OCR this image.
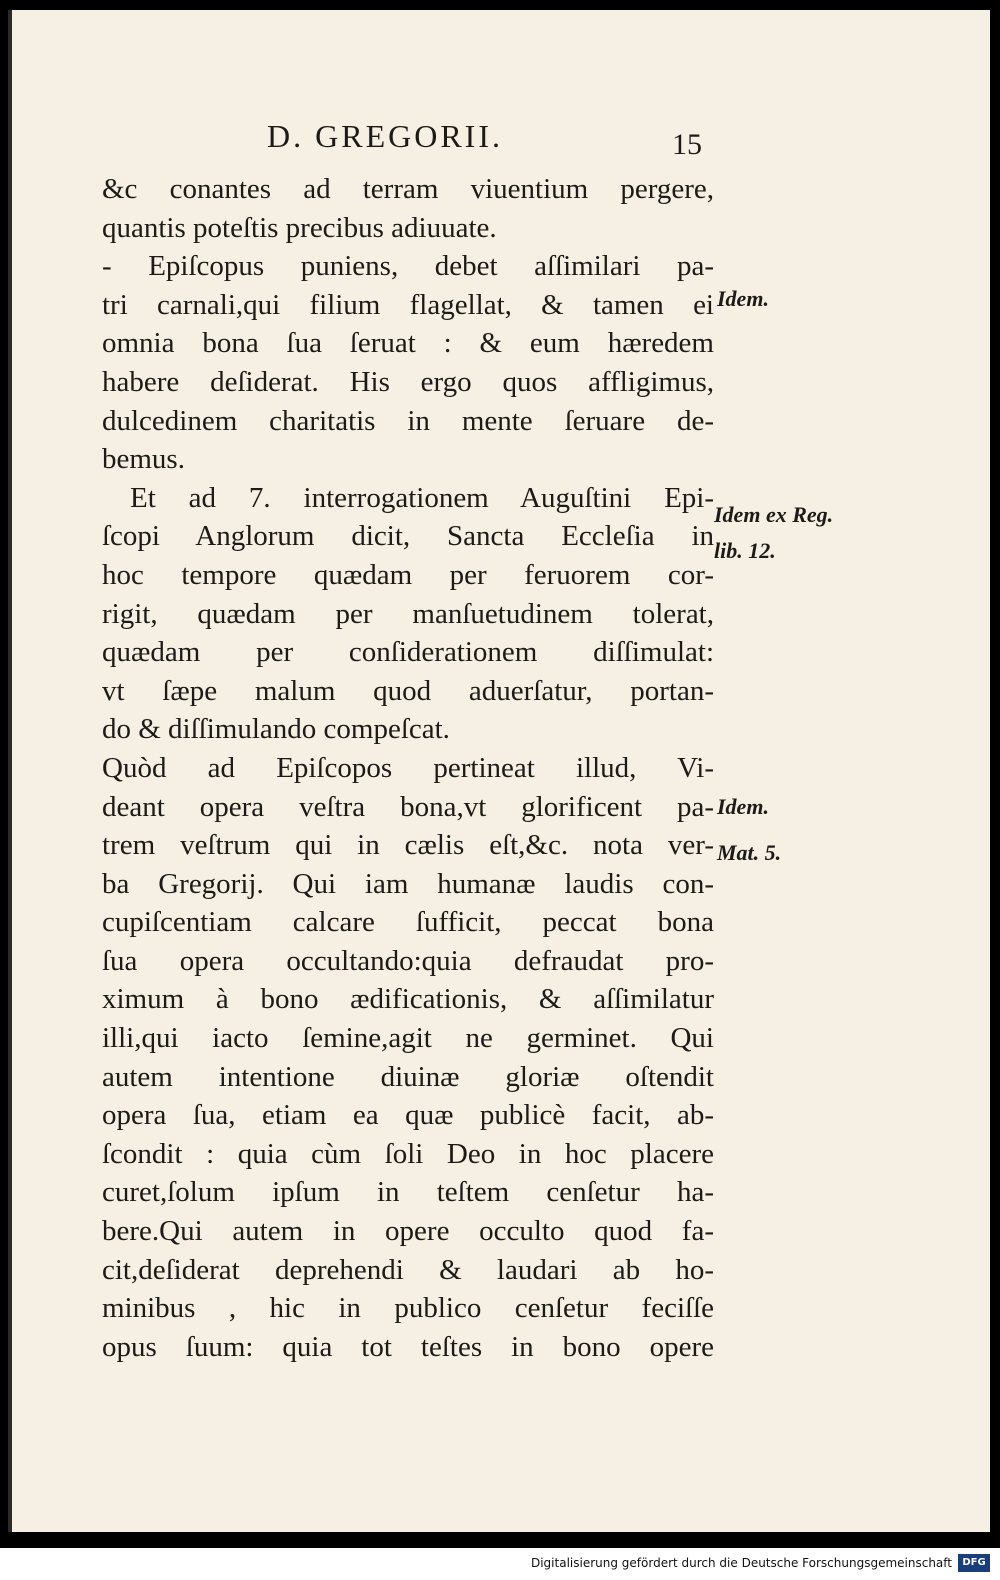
D. GREGORII.	15
&c conantes ad terram viuentium pergere,
quantis poteſtis precibus adiuuate.
- Epiſcopus puniens, debet aſſimilari pa-
tri carnali,qui filium flagellat, & tamen ei
omnia bona ſua ſeruat : & eum hæredem
habere deſiderat. His ergo quos affligimus,
dulcedinem charitatis in mente ſeruare de-
bemus.
Et ad 7. interrogationem Auguſtini Epi-
ſcopi Anglorum dicit, Sancta Eccleſia in
hoc tempore quædam per feruorem cor-
rigit, quædam per manſuetudinem tolerat,
quædam per conſiderationem diſſimulat:
vt ſæpe malum quod aduerſatur, portan-
do & diſſimulando compeſcat.
Quòd ad Epiſcopos pertineat illud, Vi-
deant opera veſtra bona,vt glorificent pa-
trem veſtrum qui in cælis eſt,&c. nota ver-
ba Gregorij. Qui iam humanæ laudis con-
cupiſcentiam calcare ſufficit, peccat bona
ſua opera occultando:quia defraudat pro-
ximum à bono ædificationis, & aſſimilatur
illi,qui iacto ſemine,agit ne germinet. Qui
autem intentione diuinæ gloriæ oſtendit
opera ſua, etiam ea quæ publicè facit, ab-
ſcondit : quia cùm ſoli Deo in hoc placere
curet,ſolum ipſum in teſtem cenſetur ha-
bere.Qui autem in opere occulto quod fa-
cit,deſiderat deprehendi & laudari ab ho-
minibus , hic in publico cenſetur feciſſe
opus ſuum: quia tot teſtes in bono opere
Idem.
Idem ex Reg.
lib. 12.
Idem.
Mat. 5.
Digitalisierung gefördert durch die Deutsche Forschungsgemeinschaft	DFG
